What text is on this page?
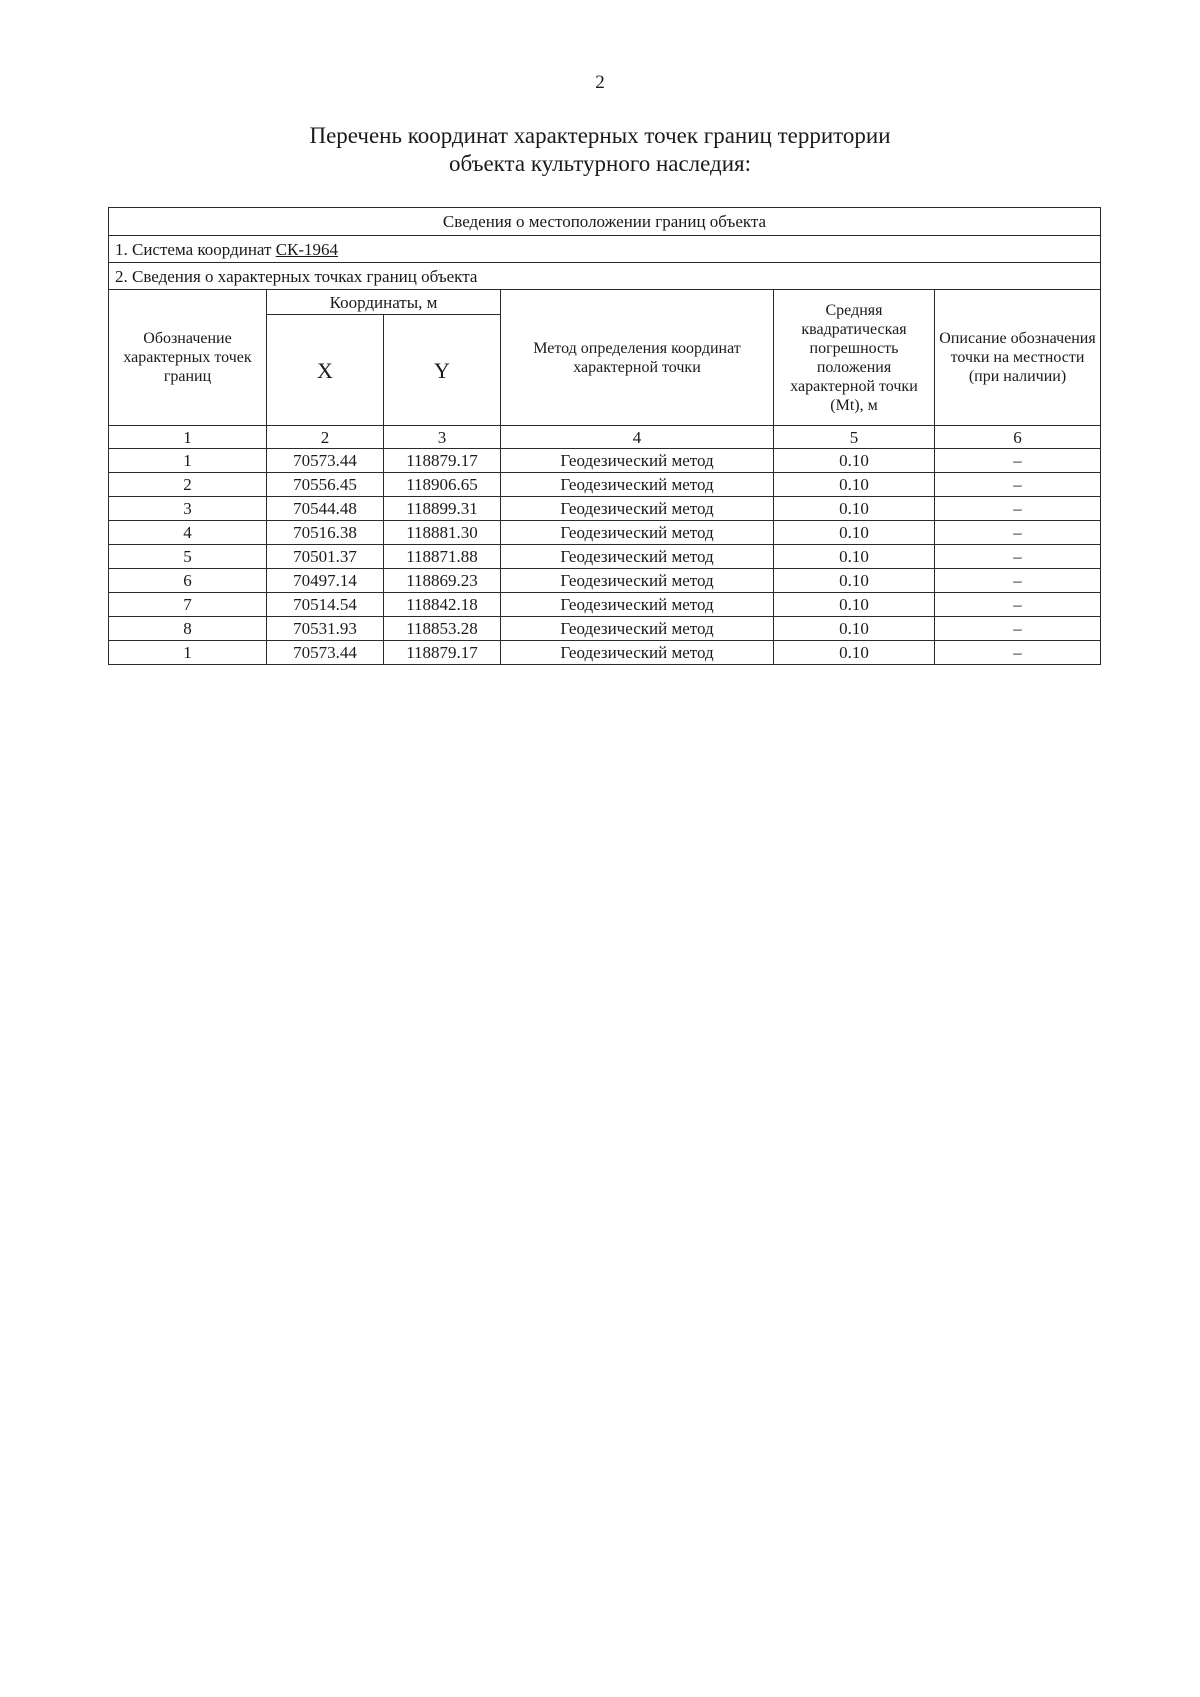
2
Перечень координат характерных точек границ территории
объекта культурного наследия:
Сведения о местоположении границ объекта					
1. Система координат СК-1964					
2. Сведения о характерных точках границ объекта					
Обозначение характерных точек границ	Координаты, м		Метод определения координат характерной точки	Средняя квадратическая погрешность положения характерной точки (Mt), м	Описание обозначения точки на местности (при наличии)
	X	Y			
1	2	3	4	5	6
1	70573.44	118879.17	Геодезический метод	0.10	–
2	70556.45	118906.65	Геодезический метод	0.10	–
3	70544.48	118899.31	Геодезический метод	0.10	–
4	70516.38	118881.30	Геодезический метод	0.10	–
5	70501.37	118871.88	Геодезический метод	0.10	–
6	70497.14	118869.23	Геодезический метод	0.10	–
7	70514.54	118842.18	Геодезический метод	0.10	–
8	70531.93	118853.28	Геодезический метод	0.10	–
1	70573.44	118879.17	Геодезический метод	0.10	–
